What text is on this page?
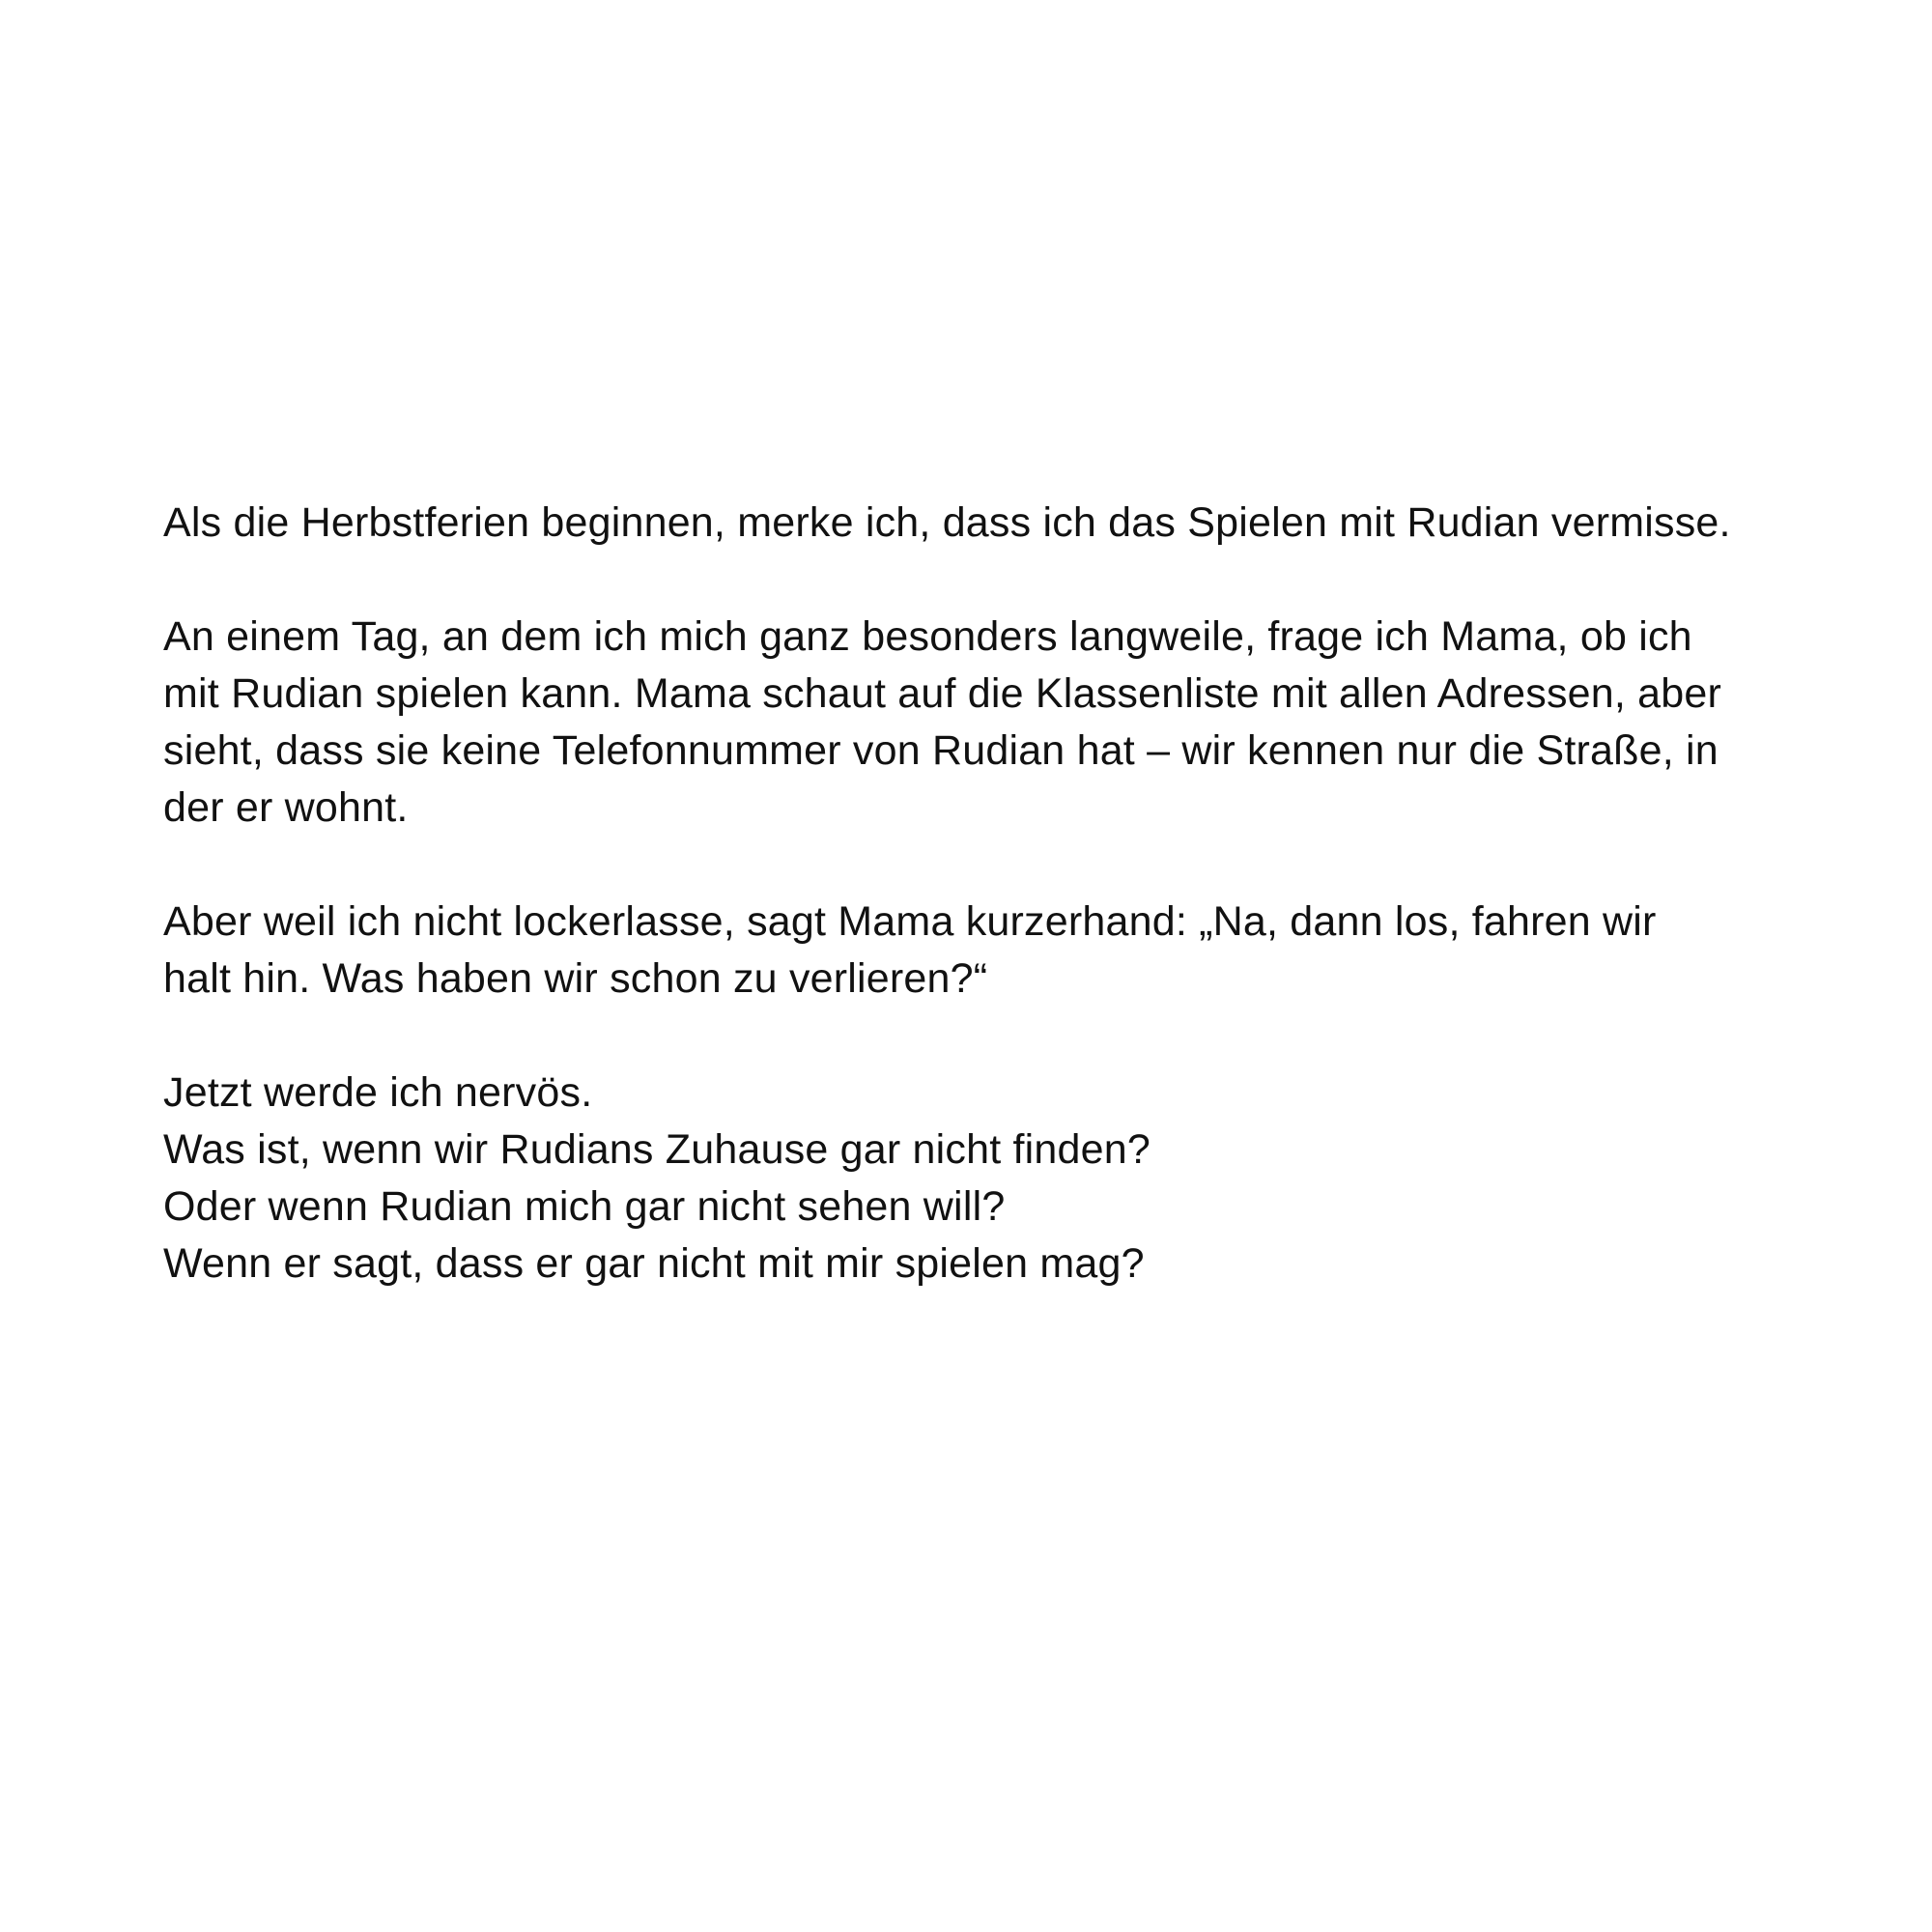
Als die Herbstferien beginnen, merke ich, dass ich das Spielen mit Rudian vermisse.

An einem Tag, an dem ich mich ganz besonders langweile, frage ich Mama, ob ich
mit Rudian spielen kann. Mama schaut auf die Klassenliste mit allen Adressen, aber
sieht, dass sie keine Telefonnummer von Rudian hat – wir kennen nur die Straße, in
der er wohnt.

Aber weil ich nicht lockerlasse, sagt Mama kurzerhand: „Na, dann los, fahren wir
halt hin. Was haben wir schon zu verlieren?“

Jetzt werde ich nervös.
Was ist, wenn wir Rudians Zuhause gar nicht finden?
Oder wenn Rudian mich gar nicht sehen will?
Wenn er sagt, dass er gar nicht mit mir spielen mag?
